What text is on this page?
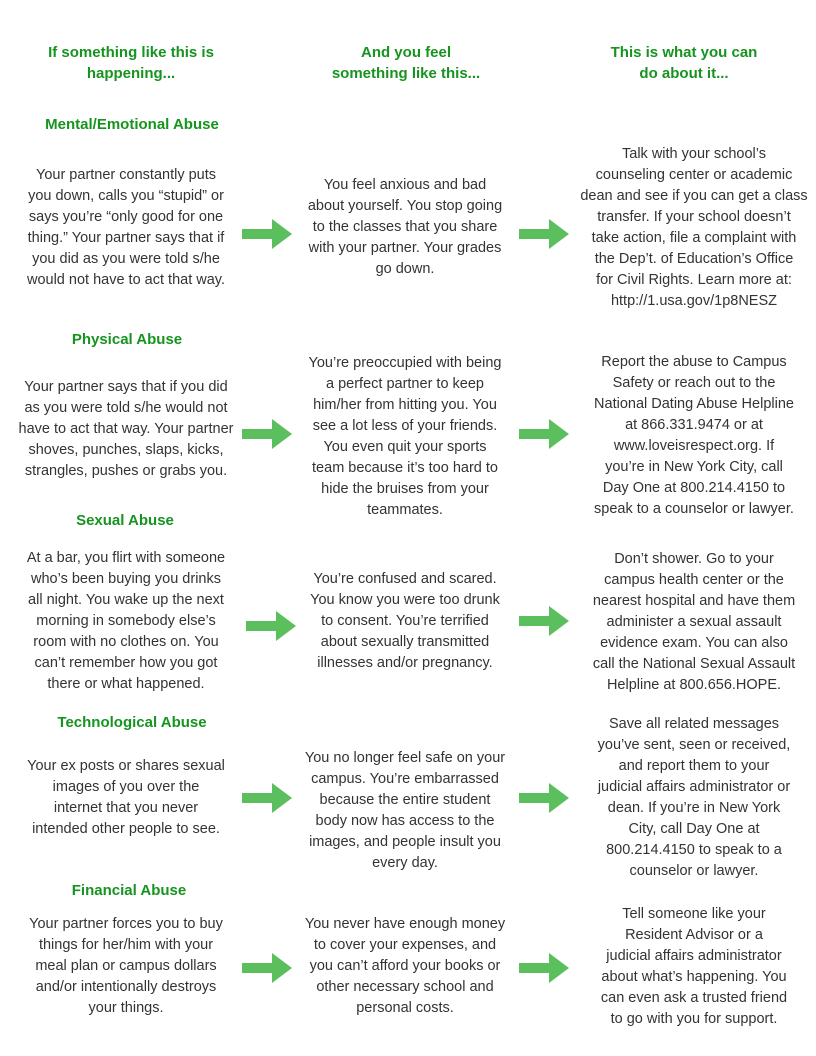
If something like this is
happening...
And you feel
something like this...
This is what you can
do about it...
Mental/Emotional Abuse
Your partner constantly puts
you down, calls you “stupid” or
says you’re “only good for one
thing.” Your partner says that if
you did as you were told s/he
would not have to act that way.
You feel anxious and bad
about yourself. You stop going
to the classes that you share
with your partner. Your grades
go down.
Talk with your school’s
counseling center or academic
dean and see if you can get a class
transfer. If your school doesn’t
take action, file a complaint with
the Dep’t. of Education’s Office
for Civil Rights. Learn more at:
http://1.usa.gov/1p8NESZ
Physical Abuse
Your partner says that if you did
as you were told s/he would not
have to act that way. Your partner
shoves, punches, slaps, kicks,
strangles, pushes or grabs you.
You’re preoccupied with being
a perfect partner to keep
him/her from hitting you. You
see a lot less of your friends.
You even quit your sports
team because it’s too hard to
hide the bruises from your
teammates.
Report the abuse to Campus
Safety or reach out to the
National Dating Abuse Helpline
at 866.331.9474 or at
www.loveisrespect.org. If
you’re in New York City, call
Day One at 800.214.4150 to
speak to a counselor or lawyer.
Sexual Abuse
At a bar, you flirt with someone
who’s been buying you drinks
all night. You wake up the next
morning in somebody else’s
room with no clothes on. You
can’t remember how you got
there or what happened.
You’re confused and scared.
You know you were too drunk
to consent. You’re terrified
about sexually transmitted
illnesses and/or pregnancy.
Don’t shower. Go to your
campus health center or the
nearest hospital and have them
administer a sexual assault
evidence exam. You can also
call the National Sexual Assault
Helpline at 800.656.HOPE.
Technological Abuse
Your ex posts or shares sexual
images of you over the
internet that you never
intended other people to see.
You no longer feel safe on your
campus. You’re embarrassed
because the entire student
body now has access to the
images, and people insult you
every day.
Save all related messages
you’ve sent, seen or received,
and report them to your
judicial affairs administrator or
dean. If you’re in New York
City, call Day One at
800.214.4150 to speak to a
counselor or lawyer.
Financial Abuse
Your partner forces you to buy
things for her/him with your
meal plan or campus dollars
and/or intentionally destroys
your things.
You never have enough money
to cover your expenses, and
you can’t afford your books or
other necessary school and
personal costs.
Tell someone like your
Resident Advisor or a
judicial affairs administrator
about what’s happening. You
can even ask a trusted friend
to go with you for support.
